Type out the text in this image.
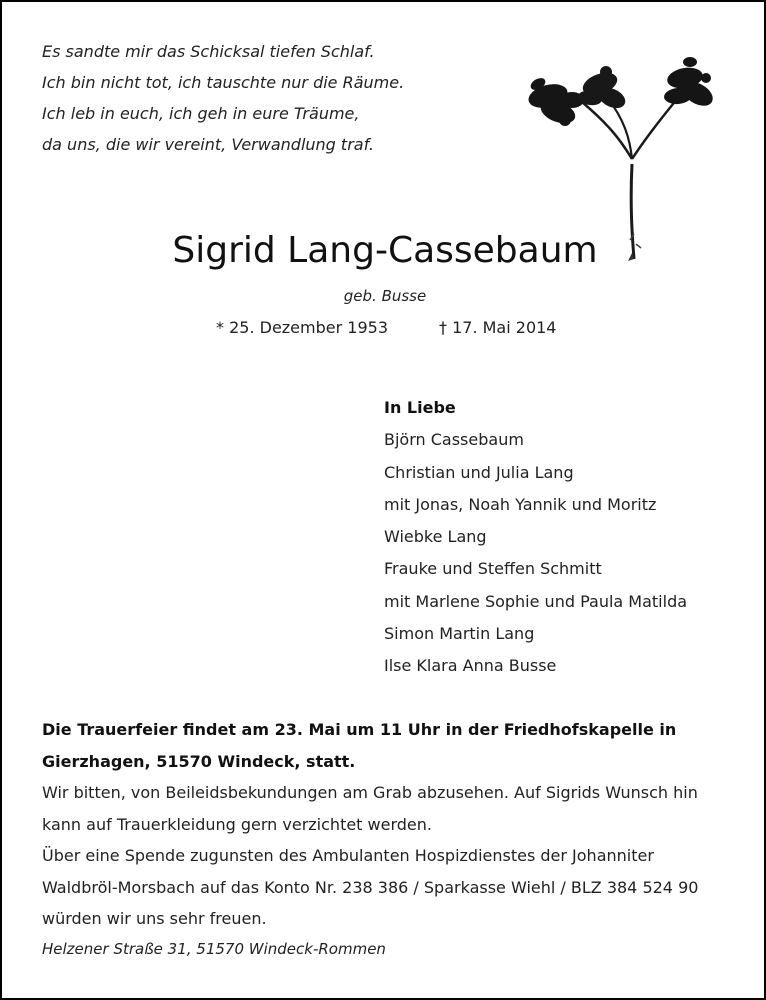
Es sandte mir das Schicksal tiefen Schlaf.
Ich bin nicht tot, ich tauschte nur die Räume.
Ich leb in euch, ich geh in eure Träume,
da uns, die wir vereint, Verwandlung traf.
Sigrid Lang-Cassebaum
geb. Busse
* 25. Dezember 1953	† 17. Mai 2014
In Liebe
Björn Cassebaum
Christian und Julia Lang
mit Jonas, Noah Yannik und Moritz
Wiebke Lang
Frauke und Steffen Schmitt
mit Marlene Sophie und Paula Matilda
Simon Martin Lang
Ilse Klara Anna Busse
Die Trauerfeier findet am 23. Mai um 11 Uhr in der Friedhofskapelle in
Gierzhagen, 51570 Windeck, statt.
Wir bitten, von Beileidsbekundungen am Grab abzusehen. Auf Sigrids Wunsch hin
kann auf Trauerkleidung gern verzichtet werden.
Über eine Spende zugunsten des Ambulanten Hospizdienstes der Johanniter
Waldbröl-Morsbach auf das Konto Nr. 238 386 / Sparkasse Wiehl / BLZ 384 524 90
würden wir uns sehr freuen.
Helzener Straße 31, 51570 Windeck-Rommen
